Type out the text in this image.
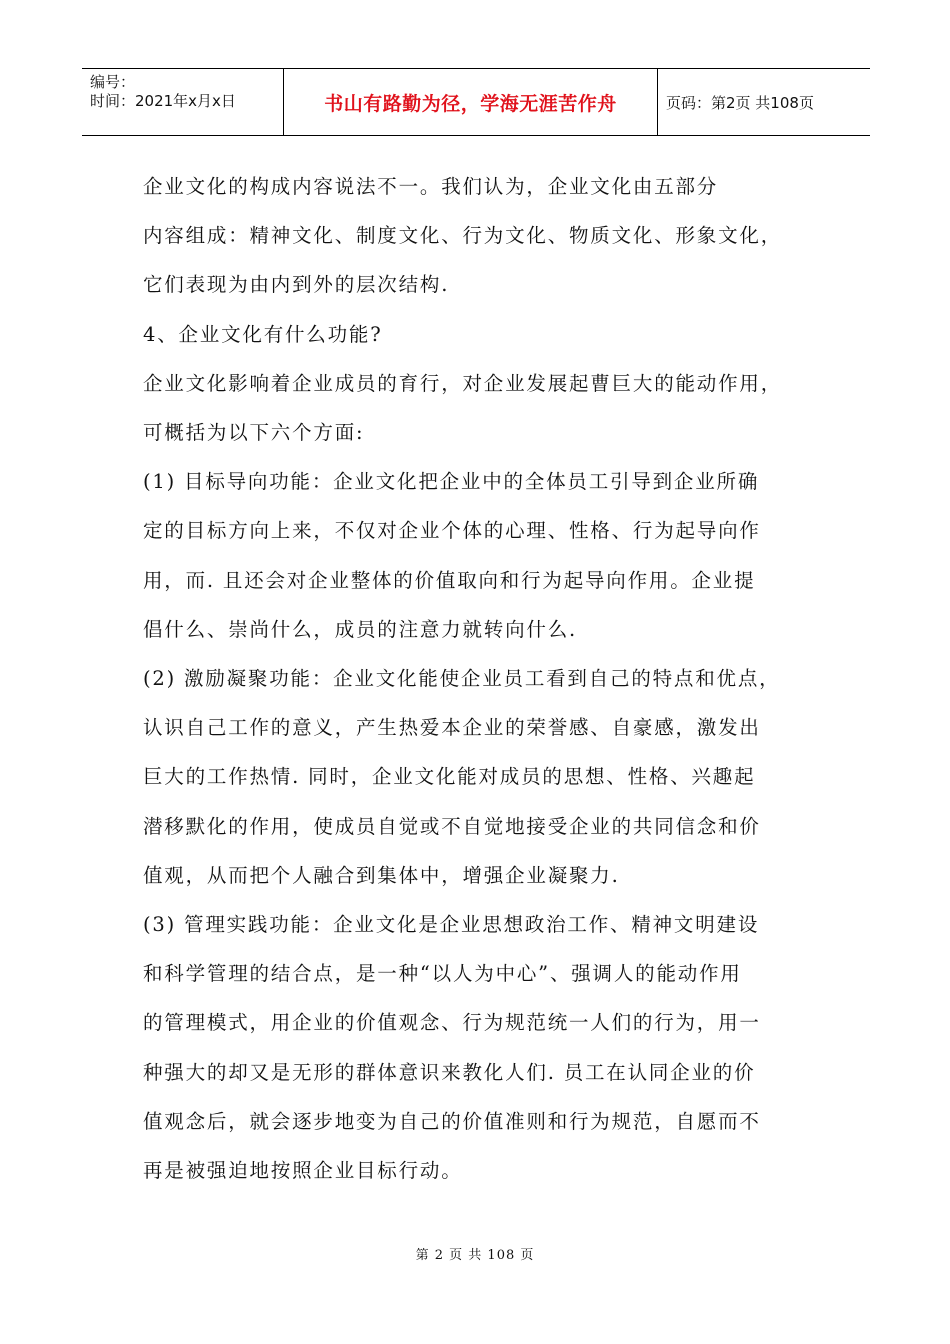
编号：
时间：2021年x月x日	书山有路勤为径，学海无涯苦作舟	页码：第2页 共108页

企业文化的构成内容说法不一。我们认为，企业文化由五部分

内容组成：精神文化、制度文化、行为文化、物质文化、形象文化，

它们表现为由内到外的层次结构.

4、企业文化有什么功能?

企业文化影响着企业成员的育行，对企业发展起曹巨大的能动作用，

可概括为以下六个方面:

(1) 目标导向功能：企业文化把企业中的全体员工引导到企业所确

定的目标方向上来，不仅对企业个体的心理、性格、行为起导向作

用，而. 且还会对企业整体的价值取向和行为起导向作用。企业提

倡什么、崇尚什么，成员的注意力就转向什么.

(2) 激励凝聚功能：企业文化能使企业员工看到自己的特点和优点，

认识自己工作的意义，产生热爱本企业的荣誉感、自豪感，激发出

巨大的工作热情. 同时，企业文化能对成员的思想、性格、兴趣起

潜移默化的作用，使成员自觉或不自觉地接受企业的共同信念和价

值观，从而把个人融合到集体中，增强企业凝聚力.

(3) 管理实践功能：企业文化是企业思想政治工作、精神文明建设

和科学管理的结合点，是一种“以人为中心”、强调人的能动作用

的管理模式，用企业的价值观念、行为规范统一人们的行为，用一

种强大的却又是无形的群体意识来教化人们. 员工在认同企业的价

值观念后，就会逐步地变为自己的价值准则和行为规范，自愿而不

再是被强迫地按照企业目标行动。

第 2 页 共 108 页
